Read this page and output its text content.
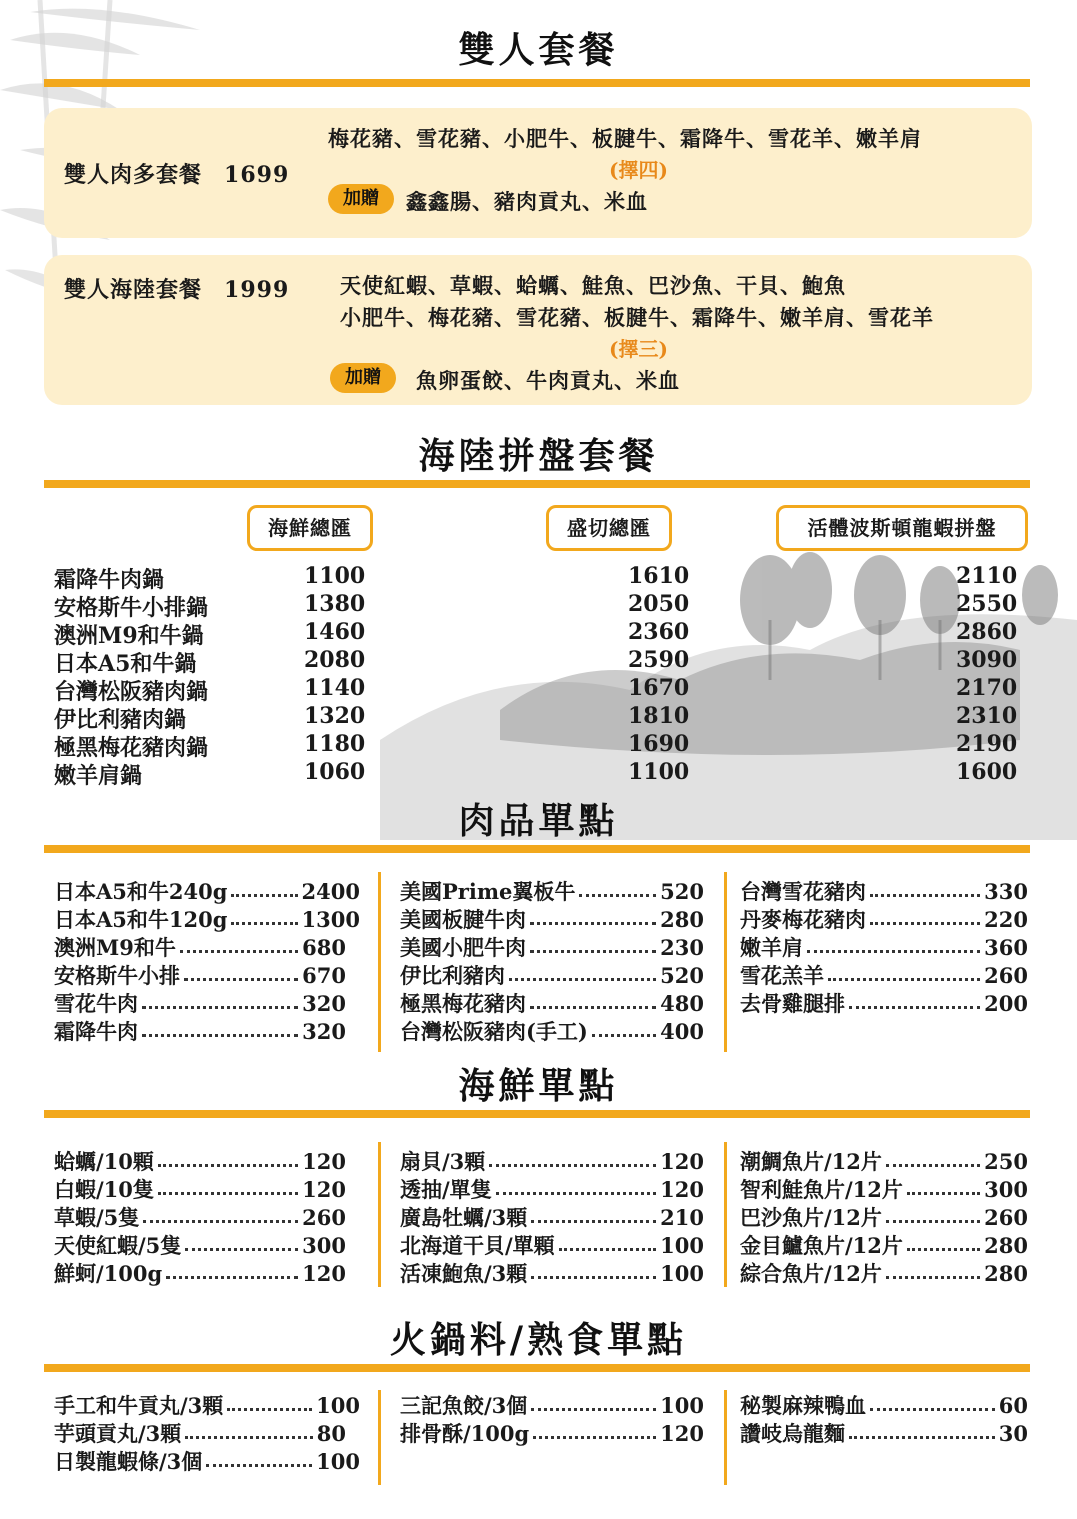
雙人套餐
雙人肉多套餐 1699
梅花豬、雪花豬、小肥牛、板腱牛、霜降牛、雪花羊、嫩羊肩
(擇四)
加贈	鑫鑫腸、豬肉貢丸、米血
雙人海陸套餐 1999 天使紅蝦、草蝦、蛤蠣、鮭魚、巴沙魚、干貝、鮑魚
小肥牛、梅花豬、雪花豬、板腱牛、霜降牛、嫩羊肩、雪花羊
(擇三)
加贈	魚卵蛋餃、牛肉貢丸、米血
海陸拼盤套餐
海鮮總匯	盛切總匯	活體波斯頓龍蝦拼盤
霜降牛肉鍋	1100	1610	2110
安格斯牛小排鍋	1380	2050	2550
澳洲M9和牛鍋	1460	2360	2860
日本A5和牛鍋	2080	2590	3090
台灣松阪豬肉鍋	1140	1670	2170
伊比利豬肉鍋	1320	1810	2310
極黑梅花豬肉鍋	1180	1690	2190
嫩羊肩鍋	1060	1100	1600
肉品單點
日本A5和牛240g	2400
日本A5和牛120g	1300
澳洲M9和牛	680
安格斯牛小排	670
雪花牛肉	320
霜降牛肉	320
美國Prime翼板牛	520
美國板腱牛肉	280
美國小肥牛肉	230
伊比利豬肉	520
極黑梅花豬肉	480
台灣松阪豬肉(手工)	400
台灣雪花豬肉	330
丹麥梅花豬肉	220
嫩羊肩	360
雪花羔羊	260
去骨雞腿排	200
海鮮單點
蛤蠣/10顆	120
白蝦/10隻	120
草蝦/5隻	260
天使紅蝦/5隻	300
鮮蚵/100g	120
扇貝/3顆	120
透抽/單隻	120
廣島牡蠣/3顆	210
北海道干貝/單顆	100
活凍鮑魚/3顆	100
潮鯛魚片/12片	250
智利鮭魚片/12片	300
巴沙魚片/12片	260
金目鱸魚片/12片	280
綜合魚片/12片	280
火鍋料/熟食單點
手工和牛貢丸/3顆	100
芋頭貢丸/3顆	80
日製龍蝦條/3個	100
三記魚餃/3個	100
排骨酥/100g	120
秘製麻辣鴨血	60
讚岐烏龍麵	30
